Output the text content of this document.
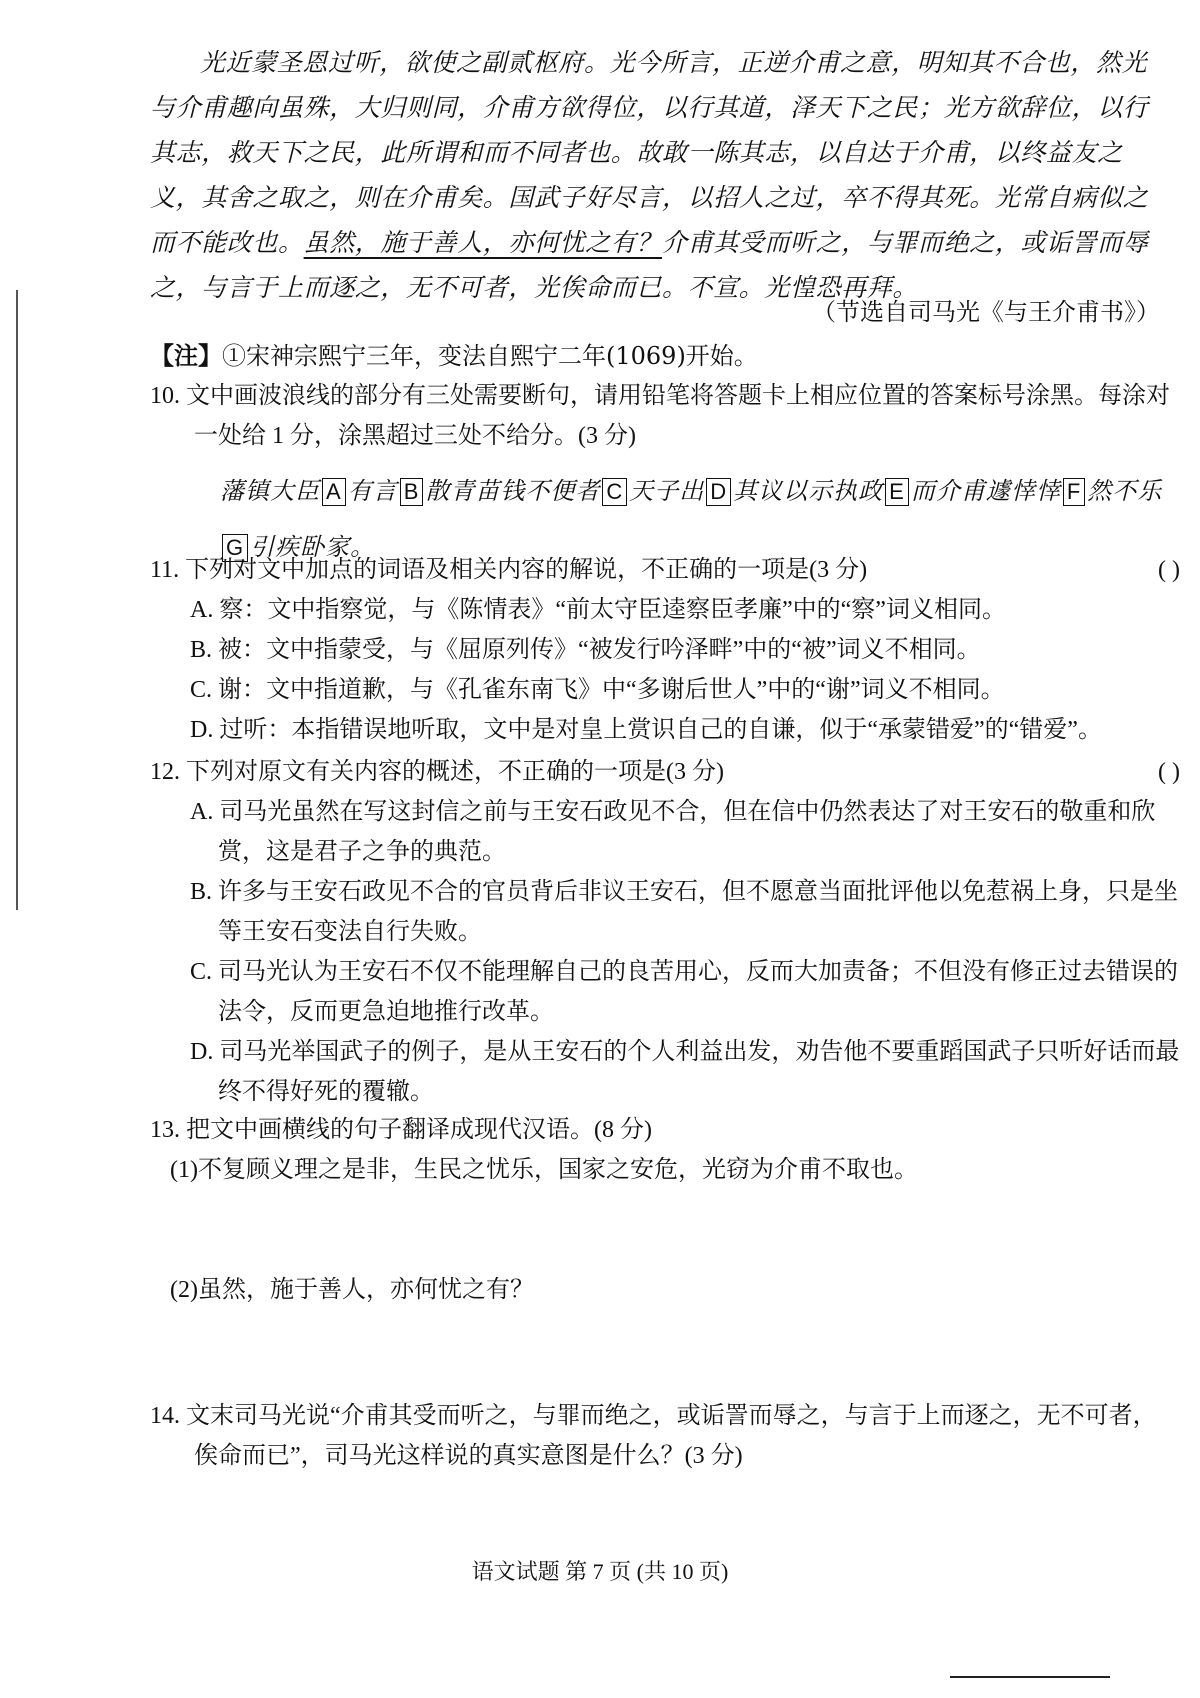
光近蒙圣恩过听，欲使之副贰枢府。光今所言，正逆介甫之意，明知其不合也，然光与介甫趣向虽殊，大归则同，介甫方欲得位，以行其道，泽天下之民；光方欲辞位，以行其志，救天下之民，此所谓和而不同者也。故敢一陈其志，以自达于介甫，以终益友之义，其舍之取之，则在介甫矣。国武子好尽言，以招人之过，卒不得其死。光常自病似之而不能改也。虽然，施于善人，亦何忧之有？介甫其受而听之，与罪而绝之，或诟詈而辱之，与言于上而逐之，无不可者，光俟命而已。不宣。光惶恐再拜。
（节选自司马光《与王介甫书》）
【注】①宋神宗熙宁三年，变法自熙宁二年(1069)开始。
10. 文中画波浪线的部分有三处需要断句，请用铅笔将答题卡上相应位置的答案标号涂黑。每涂对一处给 1 分，涂黑超过三处不给分。(3 分)
藩镇大臣 A 有言 B 散青苗钱不便者 C 天子出 D 其议以示执政 E 而介甫遽悻悻 F 然不乐
G 引疾卧家。
11. 下列对文中加点的词语及相关内容的解说，不正确的一项是(3 分)	( )
A. 察：文中指察觉，与《陈情表》“前太守臣逵察臣孝廉”中的“察”词义相同。
B. 被：文中指蒙受，与《屈原列传》“被发行吟泽畔”中的“被”词义不相同。
C. 谢：文中指道歉，与《孔雀东南飞》中“多谢后世人”中的“谢”词义不相同。
D. 过听：本指错误地听取，文中是对皇上赏识自己的自谦，似于“承蒙错爱”的“错爱”。
12. 下列对原文有关内容的概述，不正确的一项是(3 分)	( )
A. 司马光虽然在写这封信之前与王安石政见不合，但在信中仍然表达了对王安石的敬重和欣赏，这是君子之争的典范。
B. 许多与王安石政见不合的官员背后非议王安石，但不愿意当面批评他以免惹祸上身，只是坐等王安石变法自行失败。
C. 司马光认为王安石不仅不能理解自己的良苦用心，反而大加责备；不但没有修正过去错误的法令，反而更急迫地推行改革。
D. 司马光举国武子的例子，是从王安石的个人利益出发，劝告他不要重蹈国武子只听好话而最终不得好死的覆辙。
13. 把文中画横线的句子翻译成现代汉语。(8 分)
(1)不复顾义理之是非，生民之忧乐，国家之安危，光窃为介甫不取也。
(2)虽然，施于善人，亦何忧之有？
14. 文末司马光说“介甫其受而听之，与罪而绝之，或诟詈而辱之，与言于上而逐之，无不可者，俟命而已”，司马光这样说的真实意图是什么？(3 分)
语文试题 第 7 页 (共 10 页)
